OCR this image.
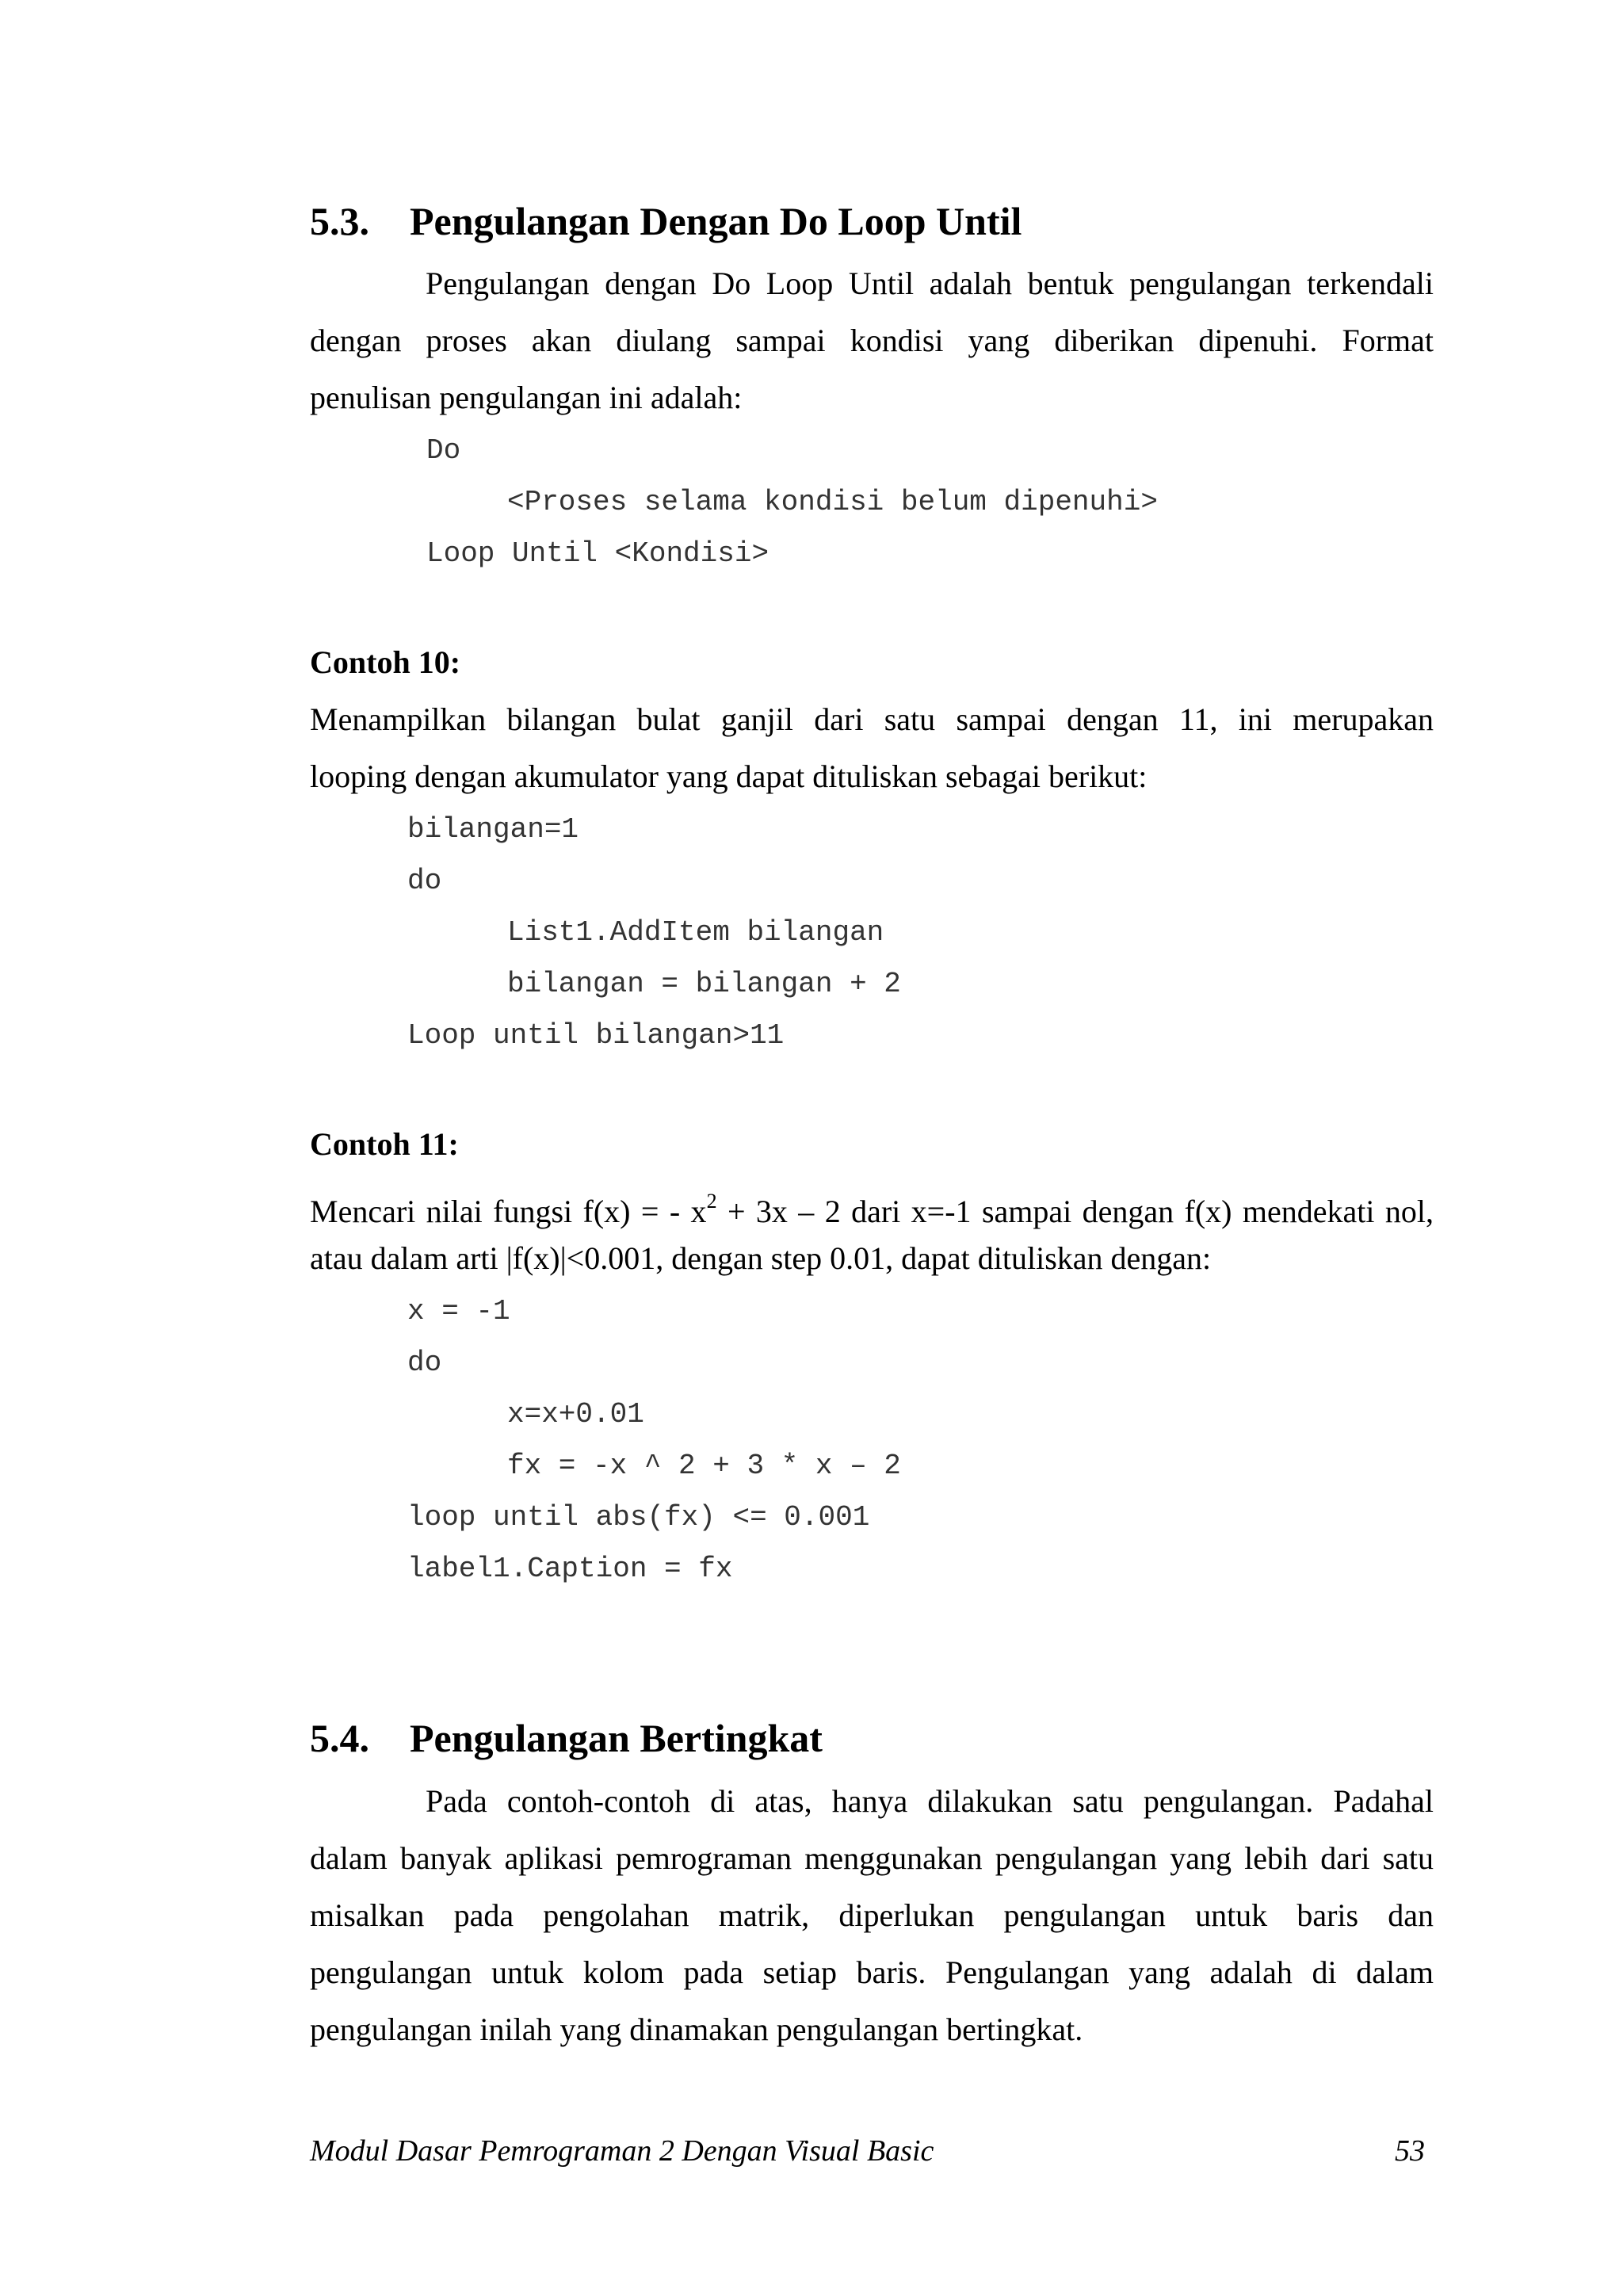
5.3. Pengulangan Dengan Do Loop Until
Pengulangan dengan Do Loop Until adalah bentuk pengulangan terkendali
dengan proses akan diulang sampai kondisi yang diberikan dipenuhi. Format
penulisan pengulangan ini adalah:
Do
<Proses selama kondisi belum dipenuhi>
Loop Until <Kondisi>
Contoh 10:
Menampilkan bilangan bulat ganjil dari satu sampai dengan 11, ini merupakan
looping dengan akumulator yang dapat dituliskan sebagai berikut:
bilangan=1
do
List1.AddItem bilangan
bilangan = bilangan + 2
Loop until bilangan>11
Contoh 11:
Mencari nilai fungsi f(x) = - $x^2 + 3x - 2$ dari x=-1 sampai dengan f(x) mendekati nol,
atau dalam arti |f(x)|<0.001, dengan step 0.01, dapat dituliskan dengan:
x = -1
do
x=x+0.01
fx = -x ^ 2 + 3 * x – 2
loop until abs(fx) <= 0.001
label1.Caption = fx
5.4. Pengulangan Bertingkat
Pada contoh-contoh di atas, hanya dilakukan satu pengulangan. Padahal
dalam banyak aplikasi pemrograman menggunakan pengulangan yang lebih dari satu
misalkan pada pengolahan matrik, diperlukan pengulangan untuk baris dan
pengulangan untuk kolom pada setiap baris. Pengulangan yang adalah di dalam
pengulangan inilah yang dinamakan pengulangan bertingkat.
Modul Dasar Pemrograman 2 Dengan Visual Basic	53
